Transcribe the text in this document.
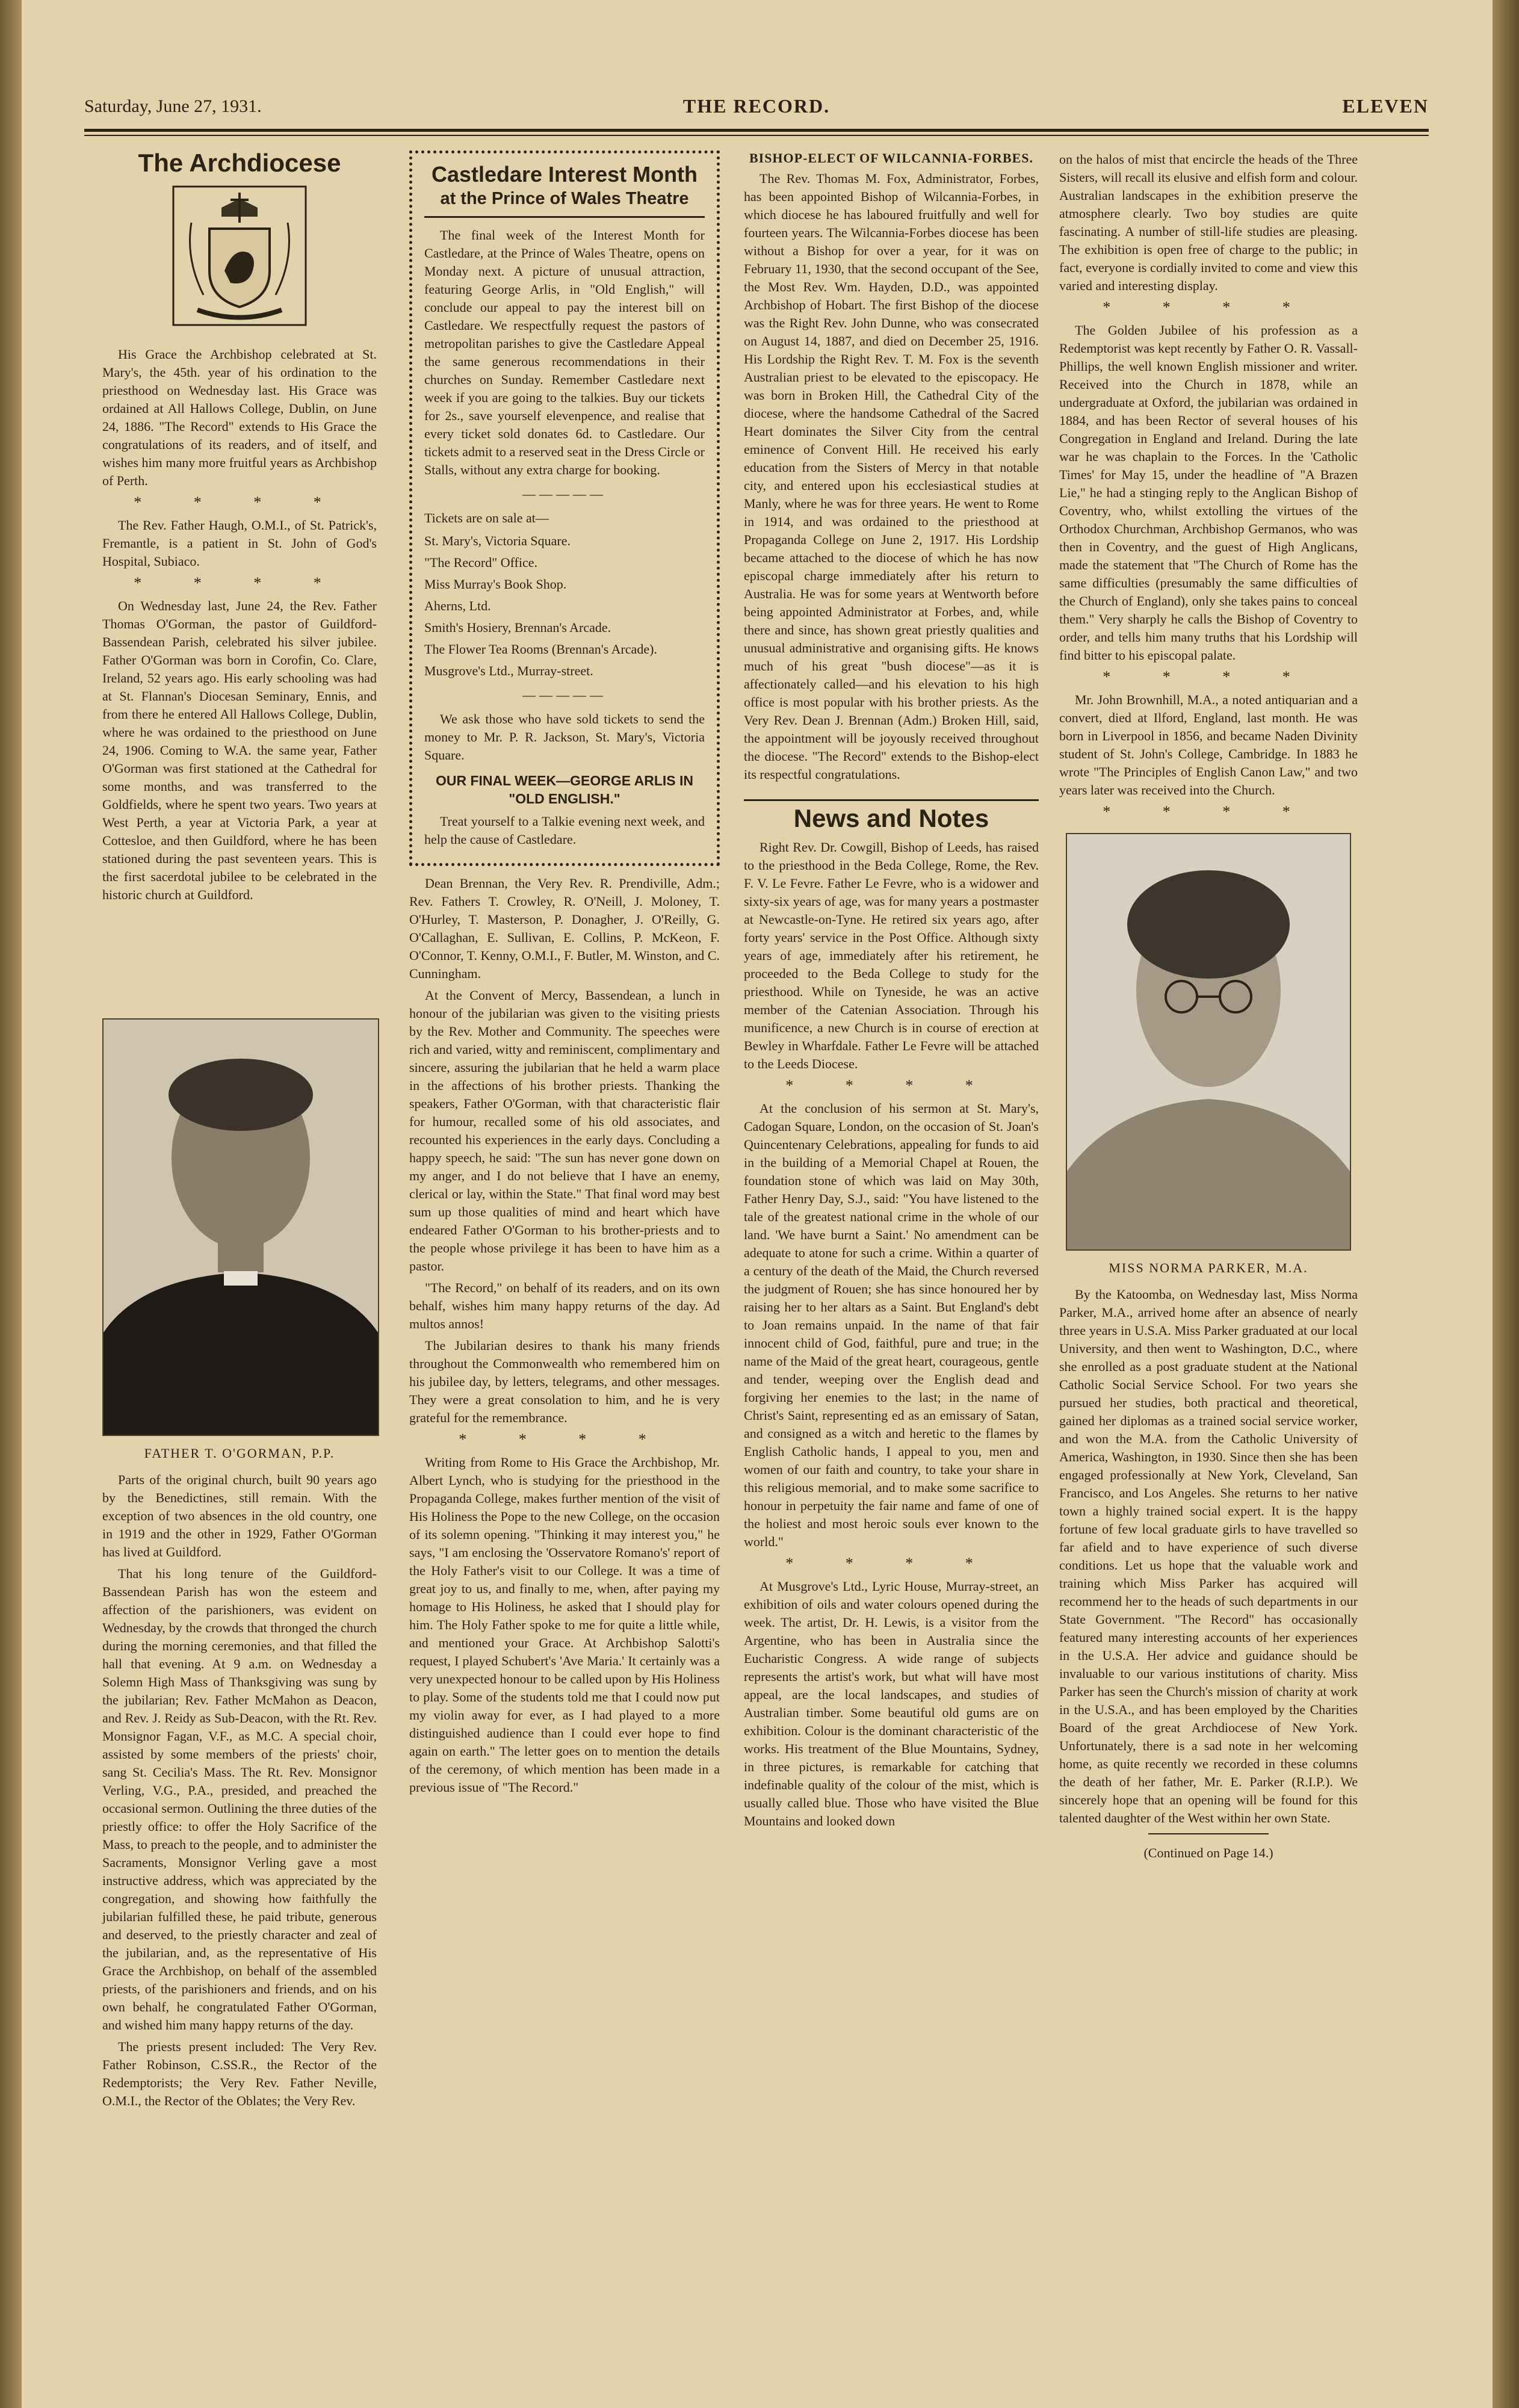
Saturday, June 27, 1931.	THE RECORD.	ELEVEN
The Archdiocese

His Grace the Archbishop celebrated at St. Mary's, the 45th. year of his ordination to the priesthood on Wednesday last. His Grace was ordained at All Hallows College, Dublin, on June 24, 1886. "The Record" extends to His Grace the congratulations of its readers, and of itself, and wishes him many more fruitful years as Archbishop of Perth.

* * * *

The Rev. Father Haugh, O.M.I., of St. Patrick's, Fremantle, is a patient in St. John of God's Hospital, Subiaco.

* * * *

On Wednesday last, June 24, the Rev. Father Thomas O'Gorman, the pastor of Guildford-Bassendean Parish, celebrated his silver jubilee. Father O'Gorman was born in Corofin, Co. Clare, Ireland, 52 years ago. His early schooling was had at St. Flannan's Diocesan Seminary, Ennis, and from there he entered All Hallows College, Dublin, where he was ordained to the priesthood on June 24, 1906. Coming to W.A. the same year, Father O'Gorman was first stationed at the Cathedral for some months, and was transferred to the Goldfields, where he spent two years. Two years at West Perth, a year at Victoria Park, a year at Cottesloe, and then Guildford, where he has been stationed during the past seventeen years. This is the first sacerdotal jubilee to be celebrated in the historic church at Guildford.

FATHER T. O'GORMAN, P.P.

Parts of the original church, built 90 years ago by the Benedictines, still remain. With the exception of two absences in the old country, one in 1919 and the other in 1929, Father O'Gorman has lived at Guildford.

That his long tenure of the Guildford-Bassendean Parish has won the esteem and affection of the parishioners, was evident on Wednesday, by the crowds that thronged the church during the morning ceremonies, and that filled the hall that evening. At 9 a.m. on Wednesday a Solemn High Mass of Thanksgiving was sung by the jubilarian; Rev. Father McMahon as Deacon, and Rev. J. Reidy as Sub-Deacon, with the Rt. Rev. Monsignor Fagan, V.F., as M.C. A special choir, assisted by some members of the priests' choir, sang St. Cecilia's Mass. The Rt. Rev. Monsignor Verling, V.G., P.A., presided, and preached the occasional sermon. Outlining the three duties of the priestly office: to offer the Holy Sacrifice of the Mass, to preach to the people, and to administer the Sacraments, Monsignor Verling gave a most instructive address, which was appreciated by the congregation, and showing how faithfully the jubilarian fulfilled these, he paid tribute, generous and deserved, to the priestly character and zeal of the jubilarian, and, as the representative of His Grace the Archbishop, on behalf of the assembled priests, of the parishioners and friends, and on his own behalf, he congratulated Father O'Gorman, and wished him many happy returns of the day.

The priests present included: The Very Rev. Father Robinson, C.SS.R., the Rector of the Redemptorists; the Very Rev. Father Neville, O.M.I., the Rector of the Oblates; the Very Rev.

Castledare Interest Month
at the Prince of Wales Theatre

The final week of the Interest Month for Castledare, at the Prince of Wales Theatre, opens on Monday next. A picture of unusual attraction, featuring George Arlis, in "Old English," will conclude our appeal to pay the interest bill on Castledare. We respectfully request the pastors of metropolitan parishes to give the Castledare Appeal the same generous recommendations in their churches on Sunday. Remember Castledare next week if you are going to the talkies. Buy our tickets for 2s., save yourself elevenpence, and realise that every ticket sold donates 6d. to Castledare. Our tickets admit to a reserved seat in the Dress Circle or Stalls, without any extra charge for booking.

—————

Tickets are on sale at—

St. Mary's, Victoria Square.

"The Record" Office.

Miss Murray's Book Shop.

Aherns, Ltd.

Smith's Hosiery, Brennan's Arcade.

The Flower Tea Rooms (Brennan's Arcade).

Musgrove's Ltd., Murray-street.

—————

We ask those who have sold tickets to send the money to Mr. P. R. Jackson, St. Mary's, Victoria Square.

OUR FINAL WEEK—GEORGE ARLIS IN "OLD ENGLISH."

Treat yourself to a Talkie evening next week, and help the cause of Castledare.

Dean Brennan, the Very Rev. R. Prendiville, Adm.; Rev. Fathers T. Crowley, R. O'Neill, J. Moloney, T. O'Hurley, T. Masterson, P. Donagher, J. O'Reilly, G. O'Callaghan, E. Sullivan, E. Collins, P. McKeon, F. O'Connor, T. Kenny, O.M.I., F. Butler, M. Winston, and C. Cunningham.

At the Convent of Mercy, Bassendean, a lunch in honour of the jubilarian was given to the visiting priests by the Rev. Mother and Community. The speeches were rich and varied, witty and reminiscent, complimentary and sincere, assuring the jubilarian that he held a warm place in the affections of his brother priests. Thanking the speakers, Father O'Gorman, with that characteristic flair for humour, recalled some of his old associates, and recounted his experiences in the early days. Concluding a happy speech, he said: "The sun has never gone down on my anger, and I do not believe that I have an enemy, clerical or lay, within the State." That final word may best sum up those qualities of mind and heart which have endeared Father O'Gorman to his brother-priests and to the people whose privilege it has been to have him as a pastor.

"The Record," on behalf of its readers, and on its own behalf, wishes him many happy returns of the day. Ad multos annos!

The Jubilarian desires to thank his many friends throughout the Commonwealth who remembered him on his jubilee day, by letters, telegrams, and other messages. They were a great consolation to him, and he is very grateful for the remembrance.

* * * *

Writing from Rome to His Grace the Archbishop, Mr. Albert Lynch, who is studying for the priesthood in the Propaganda College, makes further mention of the visit of His Holiness the Pope to the new College, on the occasion of its solemn opening. "Thinking it may interest you," he says, "I am enclosing the 'Osservatore Romano's' report of the Holy Father's visit to our College. It was a time of great joy to us, and finally to me, when, after paying my homage to His Holiness, he asked that I should play for him. The Holy Father spoke to me for quite a little while, and mentioned your Grace. At Archbishop Salotti's request, I played Schubert's 'Ave Maria.' It certainly was a very unexpected honour to be called upon by His Holiness to play. Some of the students told me that I could now put my violin away for ever, as I had played to a more distinguished audience than I could ever hope to find again on earth." The letter goes on to mention the details of the ceremony, of which mention has been made in a previous issue of "The Record."

BISHOP-ELECT OF WILCANNIA-FORBES.

The Rev. Thomas M. Fox, Administrator, Forbes, has been appointed Bishop of Wilcannia-Forbes, in which diocese he has laboured fruitfully and well for fourteen years. The Wilcannia-Forbes diocese has been without a Bishop for over a year, for it was on February 11, 1930, that the second occupant of the See, the Most Rev. Wm. Hayden, D.D., was appointed Archbishop of Hobart. The first Bishop of the diocese was the Right Rev. John Dunne, who was consecrated on August 14, 1887, and died on December 25, 1916. His Lordship the Right Rev. T. M. Fox is the seventh Australian priest to be elevated to the episcopacy. He was born in Broken Hill, the Cathedral City of the diocese, where the handsome Cathedral of the Sacred Heart dominates the Silver City from the central eminence of Convent Hill. He received his early education from the Sisters of Mercy in that notable city, and entered upon his ecclesiastical studies at Manly, where he was for three years. He went to Rome in 1914, and was ordained to the priesthood at Propaganda College on June 2, 1917. His Lordship became attached to the diocese of which he has now episcopal charge immediately after his return to Australia. He was for some years at Wentworth before being appointed Administrator at Forbes, and, while there and since, has shown great priestly qualities and unusual administrative and organising gifts. He knows much of his great "bush diocese"—as it is affectionately called—and his elevation to his high office is most popular with his brother priests. As the Very Rev. Dean J. Brennan (Adm.) Broken Hill, said, the appointment will be joyously received throughout the diocese. "The Record" extends to the Bishop-elect its respectful congratulations.

News and Notes

Right Rev. Dr. Cowgill, Bishop of Leeds, has raised to the priesthood in the Beda College, Rome, the Rev. F. V. Le Fevre. Father Le Fevre, who is a widower and sixty-six years of age, was for many years a postmaster at Newcastle-on-Tyne. He retired six years ago, after forty years' service in the Post Office. Although sixty years of age, immediately after his retirement, he proceeded to the Beda College to study for the priesthood. While on Tyneside, he was an active member of the Catenian Association. Through his munificence, a new Church is in course of erection at Bewley in Wharfdale. Father Le Fevre will be attached to the Leeds Diocese.

* * * *

At the conclusion of his sermon at St. Mary's, Cadogan Square, London, on the occasion of St. Joan's Quincentenary Celebrations, appealing for funds to aid in the building of a Memorial Chapel at Rouen, the foundation stone of which was laid on May 30th, Father Henry Day, S.J., said: "You have listened to the tale of the greatest national crime in the whole of our land. 'We have burnt a Saint.' No amendment can be adequate to atone for such a crime. Within a quarter of a century of the death of the Maid, the Church reversed the judgment of Rouen; she has since honoured her by raising her to her altars as a Saint. But England's debt to Joan remains unpaid. In the name of that fair innocent child of God, faithful, pure and true; in the name of the Maid of the great heart, courageous, gentle and tender, weeping over the English dead and forgiving her enemies to the last; in the name of Christ's Saint, representing ed as an emissary of Satan, and consigned as a witch and heretic to the flames by English Catholic hands, I appeal to you, men and women of our faith and country, to take your share in this religious memorial, and to make some sacrifice to honour in perpetuity the fair name and fame of one of the holiest and most heroic souls ever known to the world."

* * * *

At Musgrove's Ltd., Lyric House, Murray-street, an exhibition of oils and water colours opened during the week. The artist, Dr. H. Lewis, is a visitor from the Argentine, who has been in Australia since the Eucharistic Congress. A wide range of subjects represents the artist's work, but what will have most appeal, are the local landscapes, and studies of Australian timber. Some beautiful old gums are on exhibition. Colour is the dominant characteristic of the works. His treatment of the Blue Mountains, Sydney, in three pictures, is remarkable for catching that indefinable quality of the colour of the mist, which is usually called blue. Those who have visited the Blue Mountains and looked down

on the halos of mist that encircle the heads of the Three Sisters, will recall its elusive and elfish form and colour. Australian landscapes in the exhibition preserve the atmosphere clearly. Two boy studies are quite fascinating. A number of still-life studies are pleasing. The exhibition is open free of charge to the public; in fact, everyone is cordially invited to come and view this varied and interesting display.

* * * *

The Golden Jubilee of his profession as a Redemptorist was kept recently by Father O. R. Vassall-Phillips, the well known English missioner and writer. Received into the Church in 1878, while an undergraduate at Oxford, the jubilarian was ordained in 1884, and has been Rector of several houses of his Congregation in England and Ireland. During the late war he was chaplain to the Forces. In the 'Catholic Times' for May 15, under the headline of "A Brazen Lie," he had a stinging reply to the Anglican Bishop of Coventry, who, whilst extolling the virtues of the Orthodox Churchman, Archbishop Germanos, who was then in Coventry, and the guest of High Anglicans, made the statement that "The Church of Rome has the same difficulties (presumably the same difficulties of the Church of England), only she takes pains to conceal them." Very sharply he calls the Bishop of Coventry to order, and tells him many truths that his Lordship will find bitter to his episcopal palate.

* * * *

Mr. John Brownhill, M.A., a noted antiquarian and a convert, died at Ilford, England, last month. He was born in Liverpool in 1856, and became Naden Divinity student of St. John's College, Cambridge. In 1883 he wrote "The Principles of English Canon Law," and two years later was received into the Church.

* * * *
MISS NORMA PARKER, M.A.

By the Katoomba, on Wednesday last, Miss Norma Parker, M.A., arrived home after an absence of nearly three years in U.S.A. Miss Parker graduated at our local University, and then went to Washington, D.C., where she enrolled as a post graduate student at the National Catholic Social Service School. For two years she pursued her studies, both practical and theoretical, gained her diplomas as a trained social service worker, and won the M.A. from the Catholic University of America, Washington, in 1930. Since then she has been engaged professionally at New York, Cleveland, San Francisco, and Los Angeles. She returns to her native town a highly trained social expert. It is the happy fortune of few local graduate girls to have travelled so far afield and to have experience of such diverse conditions. Let us hope that the valuable work and training which Miss Parker has acquired will recommend her to the heads of such departments in our State Government. "The Record" has occasionally featured many interesting accounts of her experiences in the U.S.A. Her advice and guidance should be invaluable to our various institutions of charity. Miss Parker has seen the Church's mission of charity at work in the U.S.A., and has been employed by the Charities Board of the great Archdiocese of New York. Unfortunately, there is a sad note in her welcoming home, as quite recently we recorded in these columns the death of her father, Mr. E. Parker (R.I.P.). We sincerely hope that an opening will be found for this talented daughter of the West within her own State.

(Continued on Page 14.)
